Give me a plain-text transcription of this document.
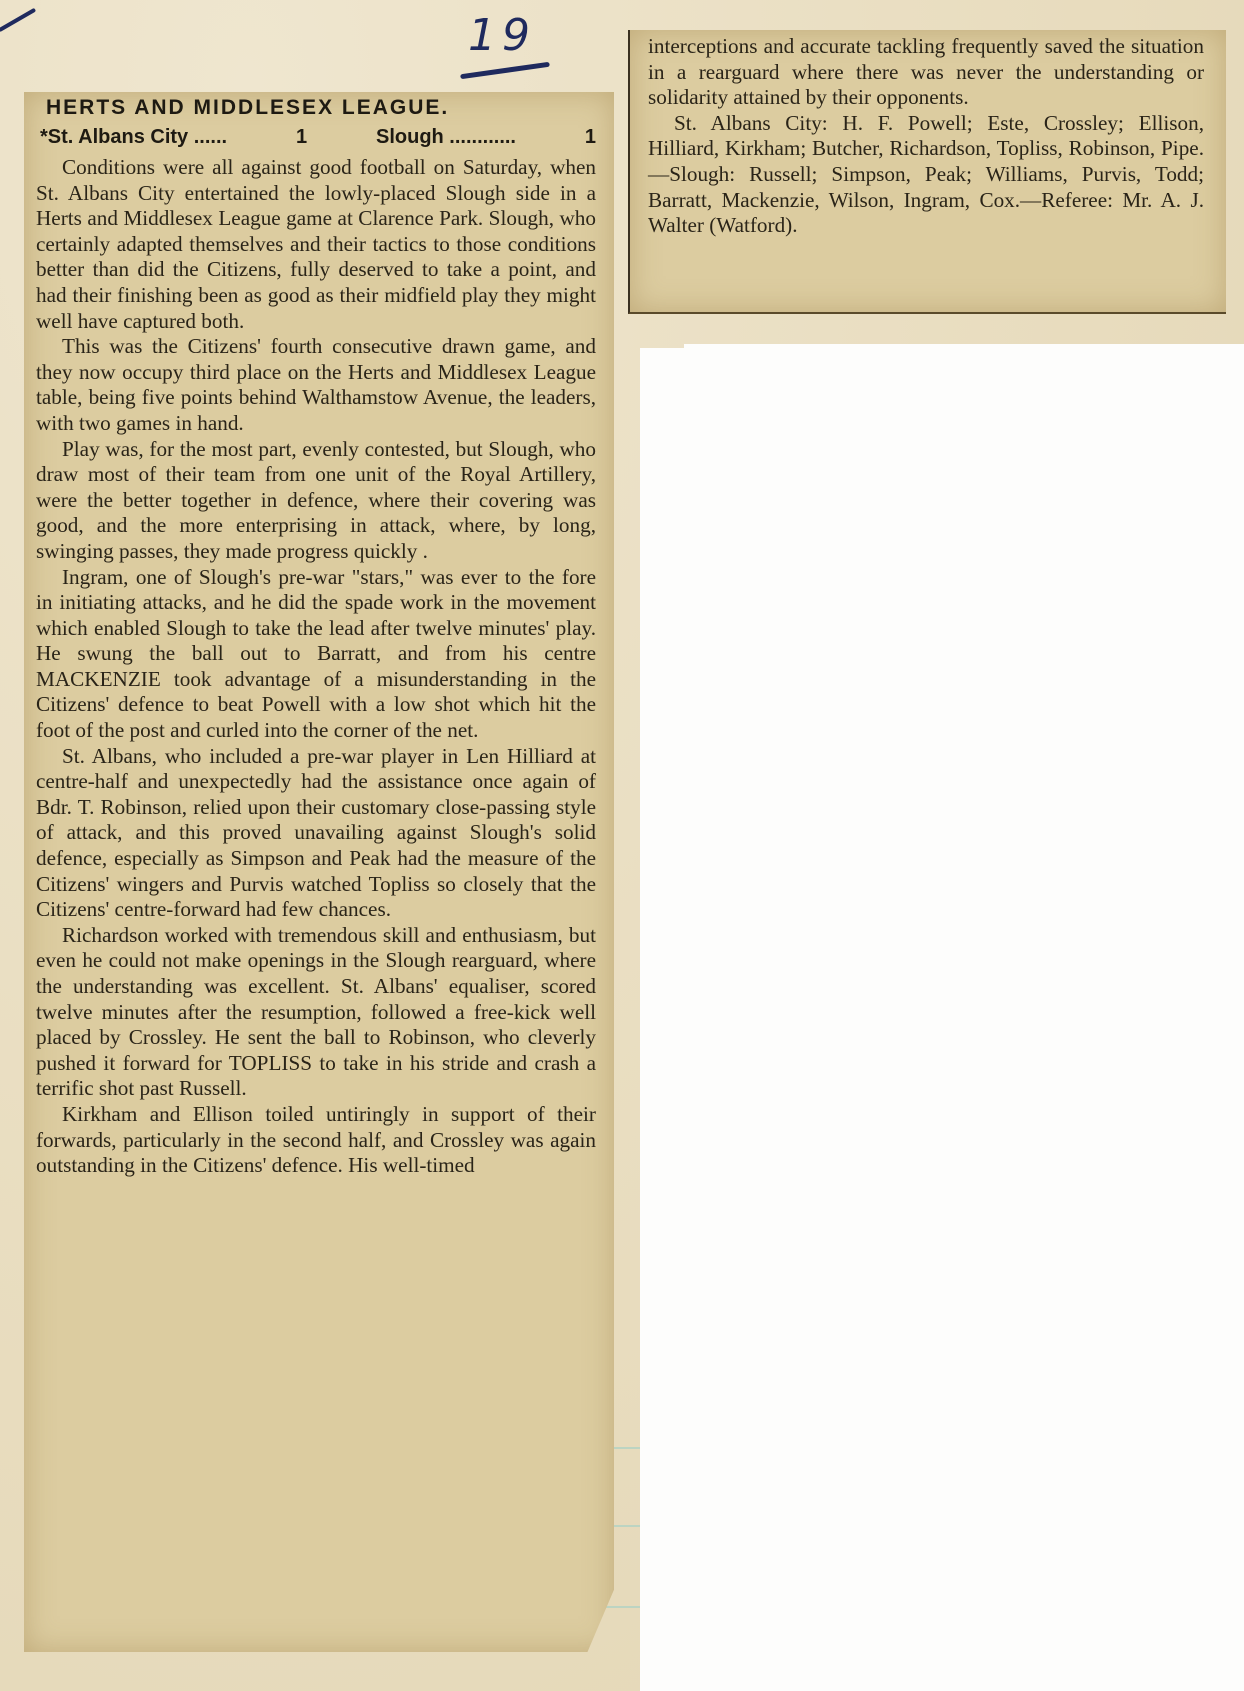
19
HERTS AND MIDDLESEX LEAGUE.
*St. Albans City ......	1	Slough ............	1

Conditions were all against good football on Saturday, when St. Albans City entertained the lowly-placed Slough side in a Herts and Middlesex League game at Clarence Park. Slough, who certainly adapted themselves and their tactics to those conditions better than did the Citizens, fully deserved to take a point, and had their finishing been as good as their midfield play they might well have captured both.

This was the Citizens' fourth consecutive drawn game, and they now occupy third place on the Herts and Middlesex League table, being five points behind Walthamstow Avenue, the leaders, with two games in hand.

Play was, for the most part, evenly contested, but Slough, who draw most of their team from one unit of the Royal Artillery, were the better together in defence, where their covering was good, and the more enterprising in attack, where, by long, swinging passes, they made progress quickly .

Ingram, one of Slough's pre-war "stars," was ever to the fore in initiating attacks, and he did the spade work in the movement which enabled Slough to take the lead after twelve minutes' play. He swung the ball out to Barratt, and from his centre MACKENZIE took advantage of a misunderstanding in the Citizens' defence to beat Powell with a low shot which hit the foot of the post and curled into the corner of the net.

St. Albans, who included a pre-war player in Len Hilliard at centre-half and unexpectedly had the assistance once again of Bdr. T. Robinson, relied upon their customary close-passing style of attack, and this proved unavailing against Slough's solid defence, especially as Simpson and Peak had the measure of the Citizens' wingers and Purvis watched Topliss so closely that the Citizens' centre-forward had few chances.

Richardson worked with tremendous skill and enthusiasm, but even he could not make openings in the Slough rearguard, where the understanding was excellent. St. Albans' equaliser, scored twelve minutes after the resumption, followed a free-kick well placed by Crossley. He sent the ball to Robinson, who cleverly pushed it forward for TOPLISS to take in his stride and crash a terrific shot past Russell.

Kirkham and Ellison toiled untiringly in support of their forwards, particularly in the second half, and Crossley was again outstanding in the Citizens' defence. His well-timed

interceptions and accurate tackling frequently saved the situation in a rearguard where there was never the understanding or solidarity attained by their opponents.

St. Albans City: H. F. Powell; Este, Crossley; Ellison, Hilliard, Kirkham; Butcher, Richardson, Topliss, Robinson, Pipe.—Slough: Russell; Simpson, Peak; Williams, Purvis, Todd; Barratt, Mackenzie, Wilson, Ingram, Cox.—Referee: Mr. A. J. Walter (Watford).
